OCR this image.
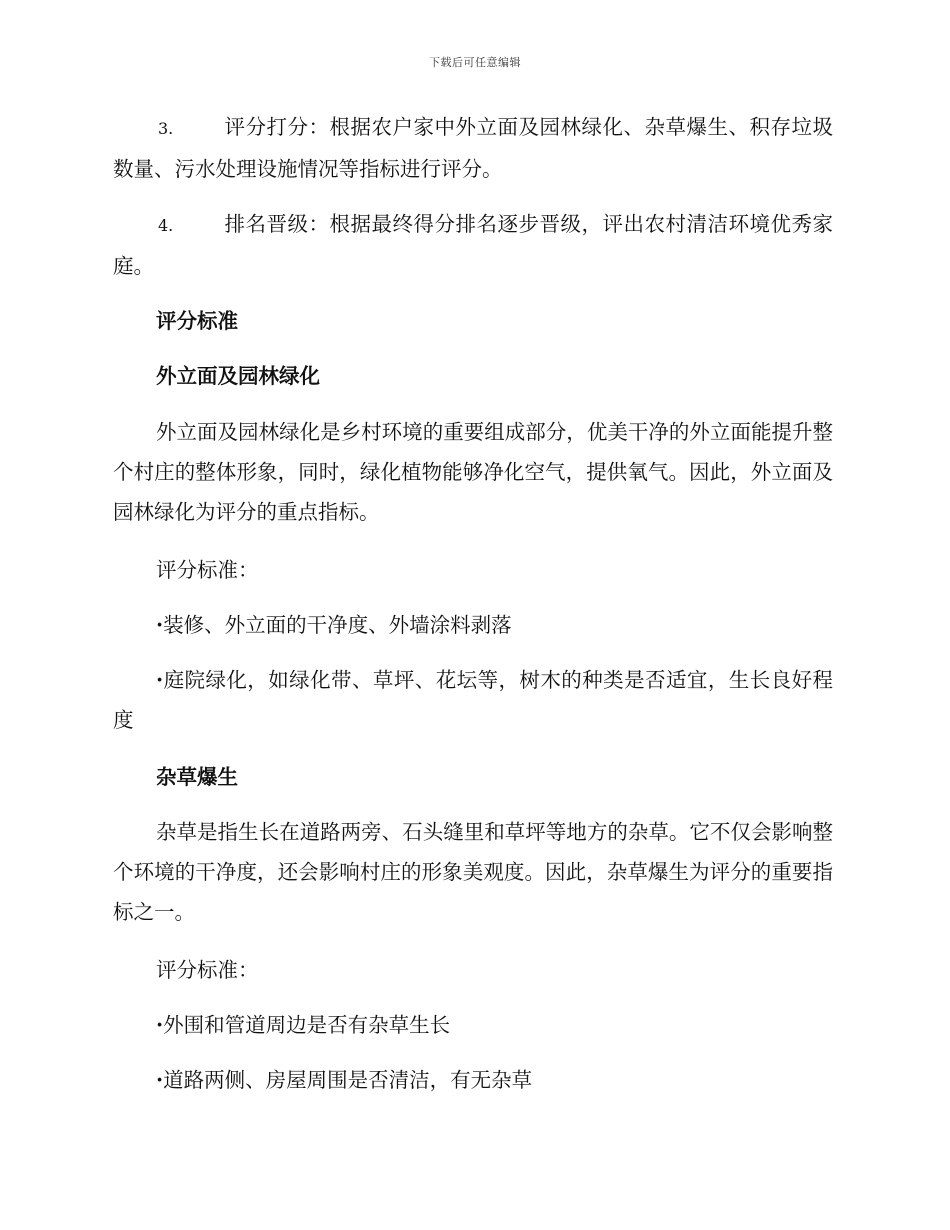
下载后可任意编辑
3. 评分打分：根据农户家中外立面及园林绿化、杂草爆生、积存垃圾数量、污水处理设施情况等指标进行评分。
4. 排名晋级：根据最终得分排名逐步晋级，评出农村清洁环境优秀家庭。
评分标准
外立面及园林绿化
外立面及园林绿化是乡村环境的重要组成部分，优美干净的外立面能提升整个村庄的整体形象，同时，绿化植物能够净化空气，提供氧气。因此，外立面及园林绿化为评分的重点指标。
评分标准：
·装修、外立面的干净度、外墙涂料剥落
·庭院绿化，如绿化带、草坪、花坛等，树木的种类是否适宜，生长良好程度
杂草爆生
杂草是指生长在道路两旁、石头缝里和草坪等地方的杂草。它不仅会影响整个环境的干净度，还会影响村庄的形象美观度。因此，杂草爆生为评分的重要指标之一。
评分标准：
·外围和管道周边是否有杂草生长
·道路两侧、房屋周围是否清洁，有无杂草
